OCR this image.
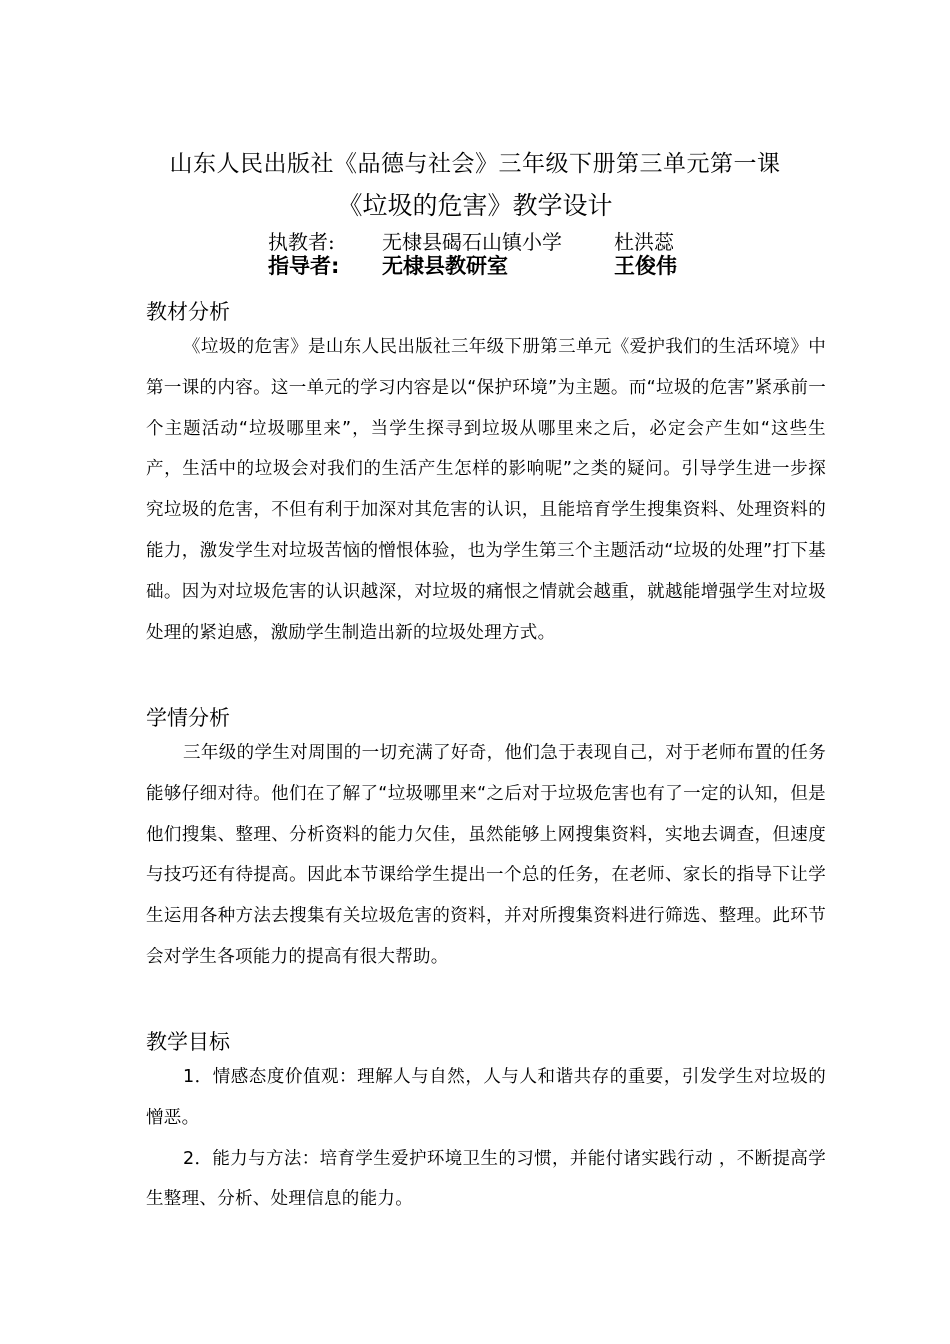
山东人民出版社《品德与社会》三年级下册第三单元第一课
《垃圾的危害》教学设计
执教者: 无棣县碣石山镇小学	杜洪蕊
指导者: 无棣县教研室	王俊伟
教材分析

《垃圾的危害》是山东人民出版社三年级下册第三单元《爱护我们的生活环境》中第一课的内容。这一单元的学习内容是以“保护环境”为主题。而“垃圾的危害”紧承前一个主题活动“垃圾哪里来”，当学生探寻到垃圾从哪里来之后，必定会产生如“这些生产，生活中的垃圾会对我们的生活产生怎样的影响呢”之类的疑问。引导学生进一步探究垃圾的危害，不但有利于加深对其危害的认识，且能培育学生搜集资料、处理资料的能力，激发学生对垃圾苦恼的憎恨体验，也为学生第三个主题活动“垃圾的处理”打下基础。因为对垃圾危害的认识越深，对垃圾的痛恨之情就会越重，就越能增强学生对垃圾处理的紧迫感，激励学生制造出新的垃圾处理方式。

学情分析

三年级的学生对周围的一切充满了好奇，他们急于表现自己，对于老师布置的任务能够仔细对待。他们在了解了“垃圾哪里来“之后对于垃圾危害也有了一定的认知，但是他们搜集、整理、分析资料的能力欠佳，虽然能够上网搜集资料，实地去调查，但速度与技巧还有待提高。因此本节课给学生提出一个总的任务，在老师、家长的指导下让学生运用各种方法去搜集有关垃圾危害的资料，并对所搜集资料进行筛选、整理。此环节会对学生各项能力的提高有很大帮助。

教学目标

1．情感态度价值观：理解人与自然，人与人和谐共存的重要，引发学生对垃圾的憎恶。

2．能力与方法：培育学生爱护环境卫生的习惯，并能付诸实践行动 ，不断提高学生整理、分析、处理信息的能力。
